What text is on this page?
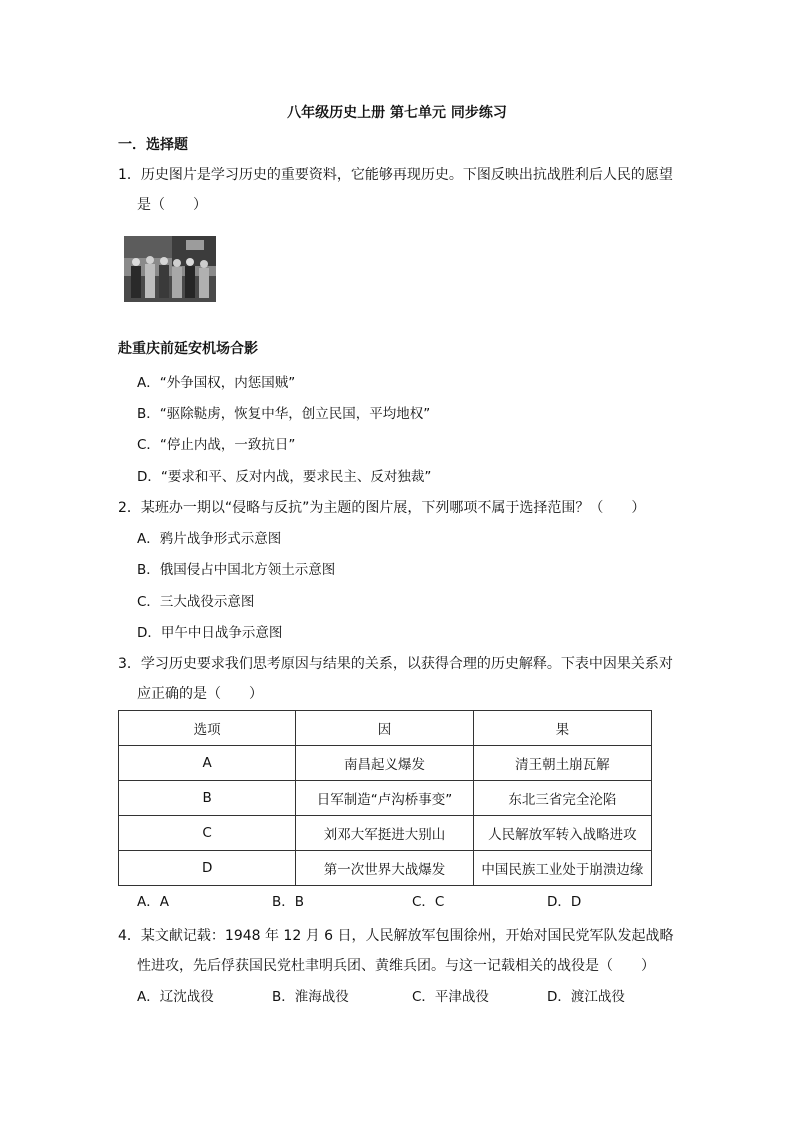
八年级历史上册 第七单元 同步练习
一．选择题
1．历史图片是学习历史的重要资料，它能够再现历史。下图反映出抗战胜利后人民的愿望
是（　　）
赴重庆前延安机场合影
A．“外争国权，内惩国贼”
B．“驱除鞑虏，恢复中华，创立民国，平均地权”
C．“停止内战，一致抗日”
D．“要求和平、反对内战，要求民主、反对独裁”
2．某班办一期以“侵略与反抗”为主题的图片展，下列哪项不属于选择范围？（　　）
A．鸦片战争形式示意图
B．俄国侵占中国北方领土示意图
C．三大战役示意图
D．甲午中日战争示意图
3．学习历史要求我们思考原因与结果的关系，以获得合理的历史解释。下表中因果关系对
应正确的是（　　）
选项	因	果
A	南昌起义爆发	清王朝土崩瓦解
B	日军制造“卢沟桥事变”	东北三省完全沦陷
C	刘邓大军挺进大别山	人民解放军转入战略进攻
D	第一次世界大战爆发	中国民族工业处于崩溃边缘
A．A	B．B	C．C	D．D
4．某文献记载：1948 年 12 月 6 日，人民解放军包围徐州，开始对国民党军队发起战略
性进攻，先后俘获国民党杜聿明兵团、黄维兵团。与这一记载相关的战役是（　　）
A．辽沈战役	B．淮海战役	C．平津战役	D．渡江战役
